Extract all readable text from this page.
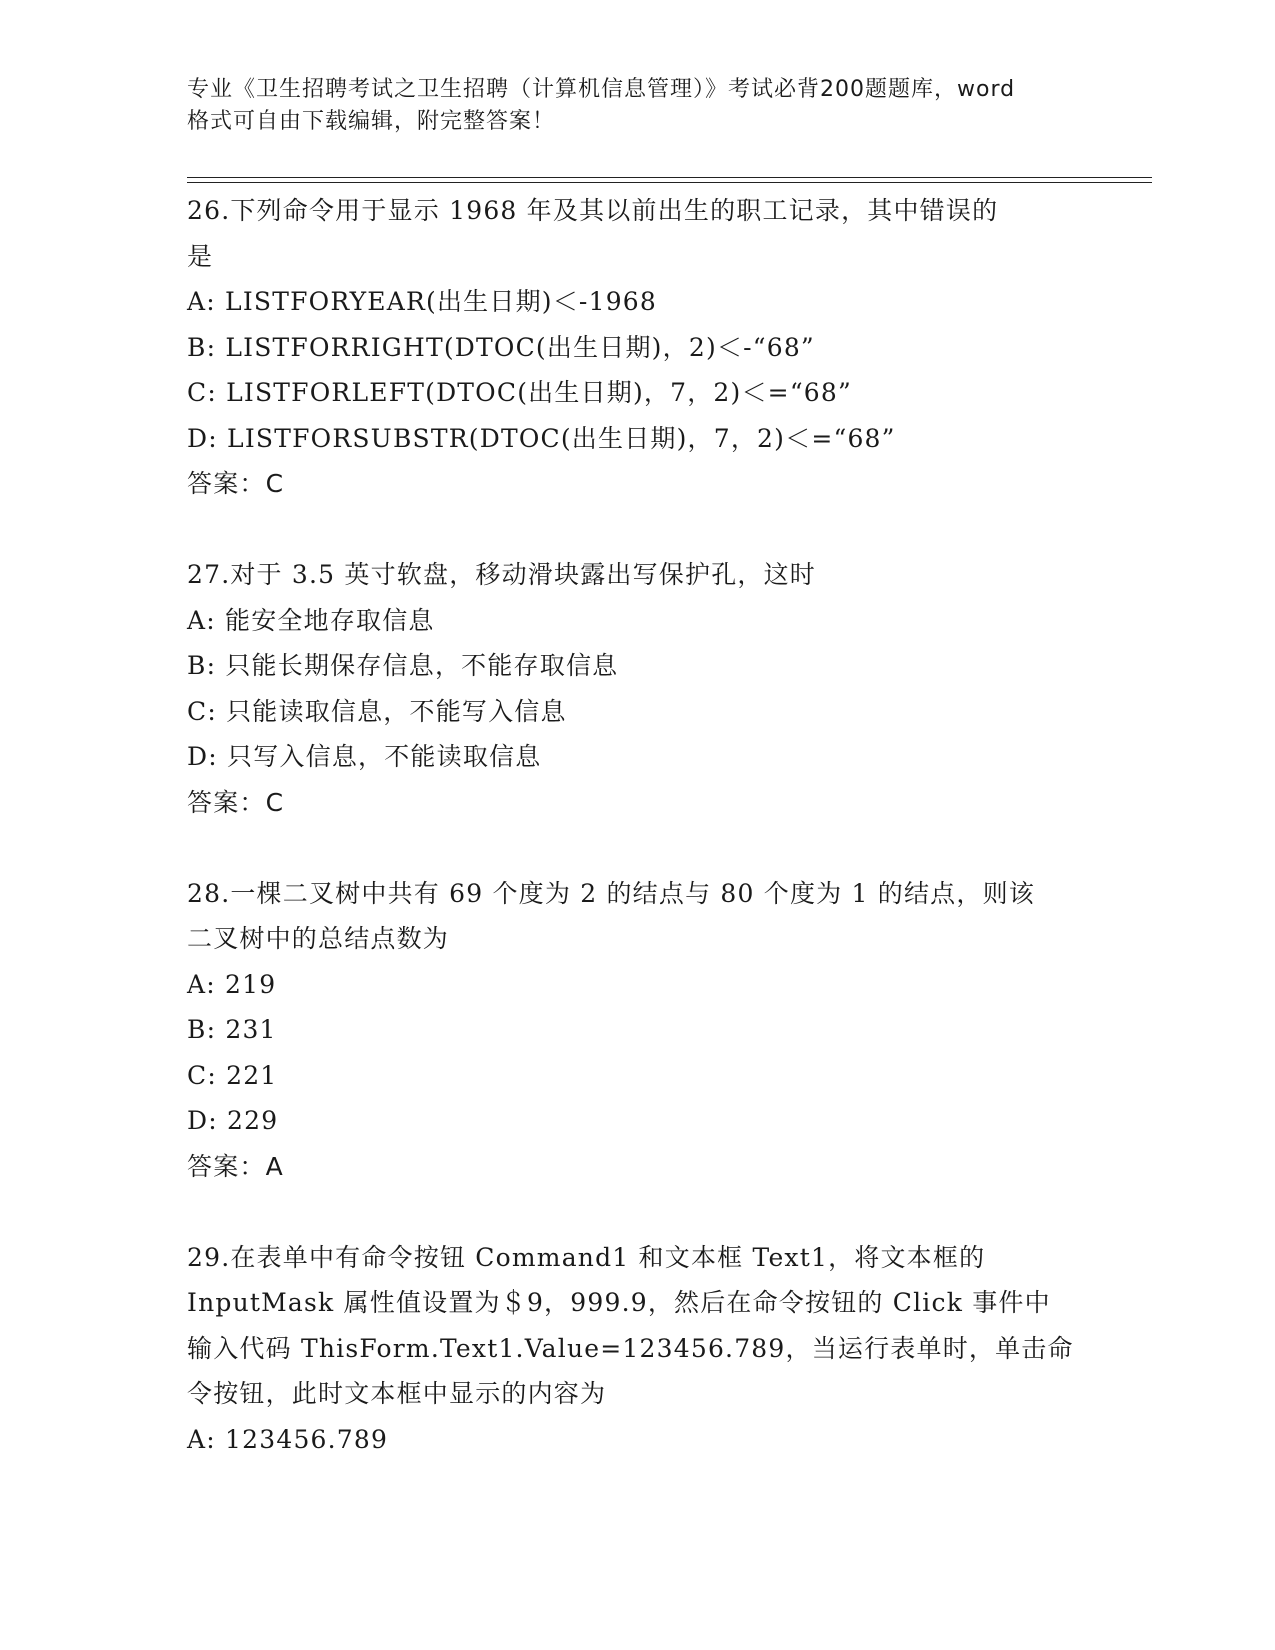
专业《卫生招聘考试之卫生招聘（计算机信息管理）》考试必背200题题库，word
格式可自由下载编辑，附完整答案！
26.下列命令用于显示 1968 年及其以前出生的职工记录，其中错误的
是
A: LISTFORYEAR(出生日期)＜-1968
B: LISTFORRIGHT(DTOC(出生日期)，2)＜-“68”
C: LISTFORLEFT(DTOC(出生日期)，7，2)＜=“68”
D: LISTFORSUBSTR(DTOC(出生日期)，7，2)＜=“68”
答案：C
27.对于 3.5 英寸软盘，移动滑块露出写保护孔，这时
A: 能安全地存取信息
B: 只能长期保存信息，不能存取信息
C: 只能读取信息，不能写入信息
D: 只写入信息，不能读取信息
答案：C
28.一棵二叉树中共有 69 个度为 2 的结点与 80 个度为 1 的结点，则该
二叉树中的总结点数为
A: 219
B: 231
C: 221
D: 229
答案：A
29.在表单中有命令按钮 Command1 和文本框 Text1，将文本框的
InputMask 属性值设置为＄9，999.9，然后在命令按钮的 Click 事件中
输入代码 ThisForm.Text1.Value=123456.789，当运行表单时，单击命
令按钮，此时文本框中显示的内容为
A: 123456.789
